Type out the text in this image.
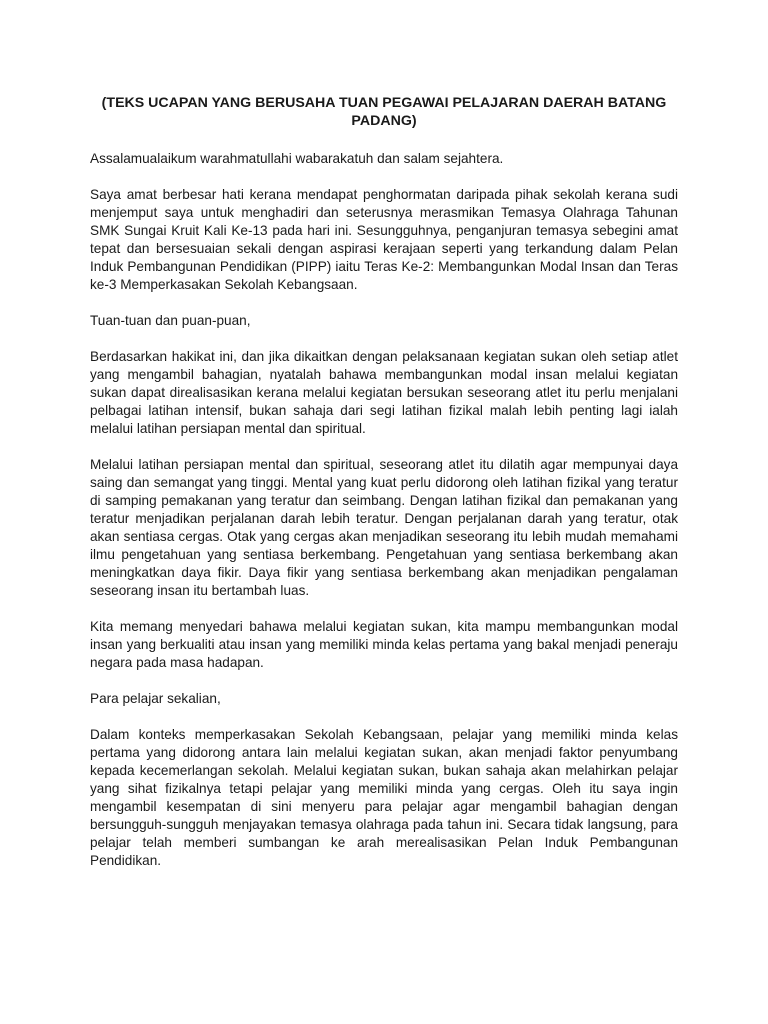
(TEKS UCAPAN YANG BERUSAHA TUAN PEGAWAI PELAJARAN DAERAH BATANG PADANG)

Assalamualaikum warahmatullahi wabarakatuh dan salam sejahtera.

Saya amat berbesar hati kerana mendapat penghormatan daripada pihak sekolah kerana sudi menjemput saya untuk menghadiri dan seterusnya merasmikan Temasya Olahraga Tahunan SMK Sungai Kruit Kali Ke-13 pada hari ini. Sesungguhnya, penganjuran temasya sebegini amat tepat dan bersesuaian sekali dengan aspirasi kerajaan seperti yang terkandung dalam Pelan Induk Pembangunan Pendidikan (PIPP) iaitu Teras Ke-2: Membangunkan Modal Insan dan Teras ke-3 Memperkasakan Sekolah Kebangsaan.

Tuan-tuan dan puan-puan,

Berdasarkan hakikat ini, dan jika dikaitkan dengan pelaksanaan kegiatan sukan oleh setiap atlet yang mengambil bahagian, nyatalah bahawa membangunkan modal insan melalui kegiatan sukan dapat direalisasikan kerana melalui kegiatan bersukan seseorang atlet itu perlu menjalani pelbagai latihan intensif, bukan sahaja dari segi latihan fizikal malah lebih penting lagi ialah melalui latihan persiapan mental dan spiritual.

Melalui latihan persiapan mental dan spiritual, seseorang atlet itu dilatih agar mempunyai daya saing dan semangat yang tinggi. Mental yang kuat perlu didorong oleh latihan fizikal yang teratur di samping pemakanan yang teratur dan seimbang. Dengan latihan fizikal dan pemakanan yang teratur menjadikan perjalanan darah lebih teratur. Dengan perjalanan darah yang teratur, otak akan sentiasa cergas. Otak yang cergas akan menjadikan seseorang itu lebih mudah memahami ilmu pengetahuan yang sentiasa berkembang. Pengetahuan yang sentiasa berkembang akan meningkatkan daya fikir. Daya fikir yang sentiasa berkembang akan menjadikan pengalaman seseorang insan itu bertambah luas.

Kita memang menyedari bahawa melalui kegiatan sukan, kita mampu membangunkan modal insan yang berkualiti atau insan yang memiliki minda kelas pertama yang bakal menjadi peneraju negara pada masa hadapan.

Para pelajar sekalian,

Dalam konteks memperkasakan Sekolah Kebangsaan, pelajar yang memiliki minda kelas pertama yang didorong antara lain melalui kegiatan sukan, akan menjadi faktor penyumbang kepada kecemerlangan sekolah. Melalui kegiatan sukan, bukan sahaja akan melahirkan pelajar yang sihat fizikalnya tetapi pelajar yang memiliki minda yang cergas. Oleh itu saya ingin mengambil kesempatan di sini menyeru para pelajar agar mengambil bahagian dengan bersungguh-sungguh menjayakan temasya olahraga pada tahun ini. Secara tidak langsung, para pelajar telah memberi sumbangan ke arah merealisasikan Pelan Induk Pembangunan Pendidikan.
